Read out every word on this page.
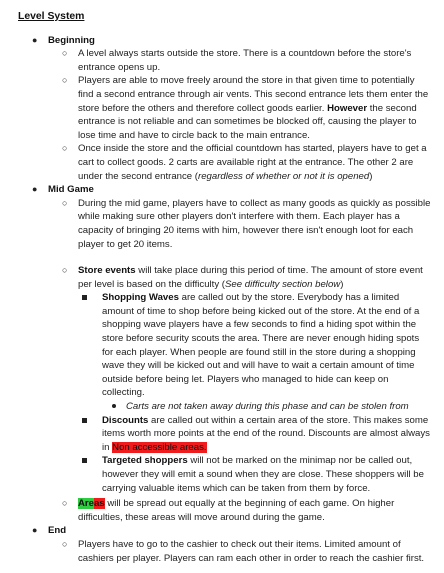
Level System
● Beginning
○ A level always starts outside the store. There is a countdown before the store's entrance opens up.
○ Players are able to move freely around the store in that given time to potentially find a second entrance through air vents. This second entrance lets them enter the store before the others and therefore collect goods earlier. However the second entrance is not reliable and can sometimes be blocked off, causing the player to lose time and have to circle back to the main entrance.
○ Once inside the store and the official countdown has started, players have to get a cart to collect goods. 2 carts are available right at the entrance. The other 2 are under the second entrance (regardless of whether or not it is opened)
● Mid Game
○ During the mid game, players have to collect as many goods as quickly as possible while making sure other players don't interfere with them. Each player has a capacity of bringing 20 items with him, however there isn't enough loot for each player to get 20 items.
○ Store events will take place during this period of time. The amount of store event per level is based on the difficulty (See difficulty section below)
Shopping Waves are called out by the store. Everybody has a limited amount of time to shop before being kicked out of the store. At the end of a shopping wave players have a few seconds to find a hiding spot within the store before security scouts the area. There are never enough hiding spots for each player. When people are found still in the store during a shopping wave they will be kicked out and will have to wait a certain amount of time outside before being let. Players who managed to hide can keep on collecting.
Carts are not taken away during this phase and can be stolen from
Discounts are called out within a certain area of the store. This makes some items worth more points at the end of the round. Discounts are almost always in Non accessible areas.
Targeted shoppers will not be marked on the minimap nor be called out, however they will emit a sound when they are close. These shoppers will be carrying valuable items which can be taken from them by force.
○ Areas will be spread out equally at the beginning of each game. On higher difficulties, these areas will move around during the game.
● End
○ Players have to go to the cashier to check out their items. Limited amount of cashiers per player. Players can ram each other in order to reach the cashier first.
